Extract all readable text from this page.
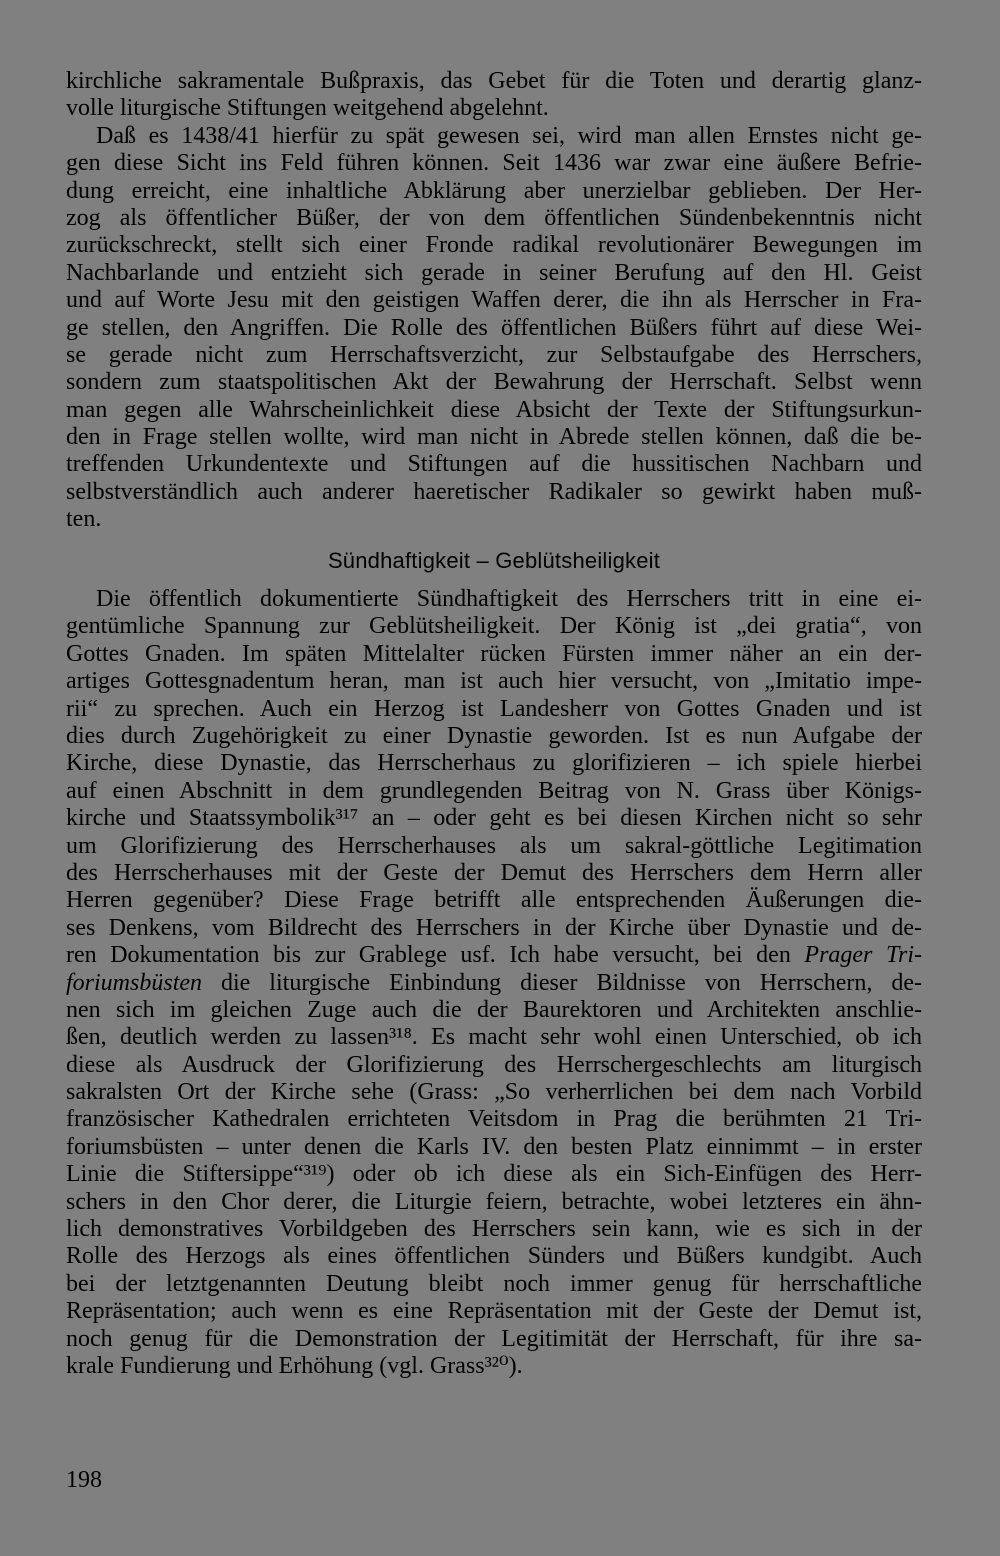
kirchliche sakramentale Bußpraxis, das Gebet für die Toten und derartig glanz-
volle liturgische Stiftungen weitgehend abgelehnt.
Daß es 1438/41 hierfür zu spät gewesen sei, wird man allen Ernstes nicht ge-
gen diese Sicht ins Feld führen können. Seit 1436 war zwar eine äußere Befrie-
dung erreicht, eine inhaltliche Abklärung aber unerzielbar geblieben. Der Her-
zog als öffentlicher Büßer, der von dem öffentlichen Sündenbekenntnis nicht
zurückschreckt, stellt sich einer Fronde radikal revolutionärer Bewegungen im
Nachbarlande und entzieht sich gerade in seiner Berufung auf den Hl. Geist
und auf Worte Jesu mit den geistigen Waffen derer, die ihn als Herrscher in Fra-
ge stellen, den Angriffen. Die Rolle des öffentlichen Büßers führt auf diese Wei-
se gerade nicht zum Herrschaftsverzicht, zur Selbstaufgabe des Herrschers,
sondern zum staatspolitischen Akt der Bewahrung der Herrschaft. Selbst wenn
man gegen alle Wahrscheinlichkeit diese Absicht der Texte der Stiftungsurkun-
den in Frage stellen wollte, wird man nicht in Abrede stellen können, daß die be-
treffenden Urkundentexte und Stiftungen auf die hussitischen Nachbarn und
selbstverständlich auch anderer haeretischer Radikaler so gewirkt haben muß-
ten.
Sündhaftigkeit – Geblütsheiligkeit
Die öffentlich dokumentierte Sündhaftigkeit des Herrschers tritt in eine ei-
gentümliche Spannung zur Geblütsheiligkeit. Der König ist „dei gratia“, von
Gottes Gnaden. Im späten Mittelalter rücken Fürsten immer näher an ein der-
artiges Gottesgnadentum heran, man ist auch hier versucht, von „Imitatio impe-
rii“ zu sprechen. Auch ein Herzog ist Landesherr von Gottes Gnaden und ist
dies durch Zugehörigkeit zu einer Dynastie geworden. Ist es nun Aufgabe der
Kirche, diese Dynastie, das Herrscherhaus zu glorifizieren – ich spiele hierbei
auf einen Abschnitt in dem grundlegenden Beitrag von N. Grass über Königs-
kirche und Staatssymbolik³¹⁷ an – oder geht es bei diesen Kirchen nicht so sehr
um Glorifizierung des Herrscherhauses als um sakral-göttliche Legitimation
des Herrscherhauses mit der Geste der Demut des Herrschers dem Herrn aller
Herren gegenüber? Diese Frage betrifft alle entsprechenden Äußerungen die-
ses Denkens, vom Bildrecht des Herrschers in der Kirche über Dynastie und de-
ren Dokumentation bis zur Grablege usf. Ich habe versucht, bei den Prager Tri-
foriumsbüsten die liturgische Einbindung dieser Bildnisse von Herrschern, de-
nen sich im gleichen Zuge auch die der Baurektoren und Architekten anschlie-
ßen, deutlich werden zu lassen³¹⁸. Es macht sehr wohl einen Unterschied, ob ich
diese als Ausdruck der Glorifizierung des Herrschergeschlechts am liturgisch
sakralsten Ort der Kirche sehe (Grass: „So verherrlichen bei dem nach Vorbild
französischer Kathedralen errichteten Veitsdom in Prag die berühmten 21 Tri-
foriumsbüsten – unter denen die Karls IV. den besten Platz einnimmt – in erster
Linie die Stiftersippe“³¹⁹) oder ob ich diese als ein Sich-Einfügen des Herr-
schers in den Chor derer, die Liturgie feiern, betrachte, wobei letzteres ein ähn-
lich demonstratives Vorbildgeben des Herrschers sein kann, wie es sich in der
Rolle des Herzogs als eines öffentlichen Sünders und Büßers kundgibt. Auch
bei der letztgenannten Deutung bleibt noch immer genug für herrschaftliche
Repräsentation; auch wenn es eine Repräsentation mit der Geste der Demut ist,
noch genug für die Demonstration der Legitimität der Herrschaft, für ihre sa-
krale Fundierung und Erhöhung (vgl. Grass³²⁰).
198
